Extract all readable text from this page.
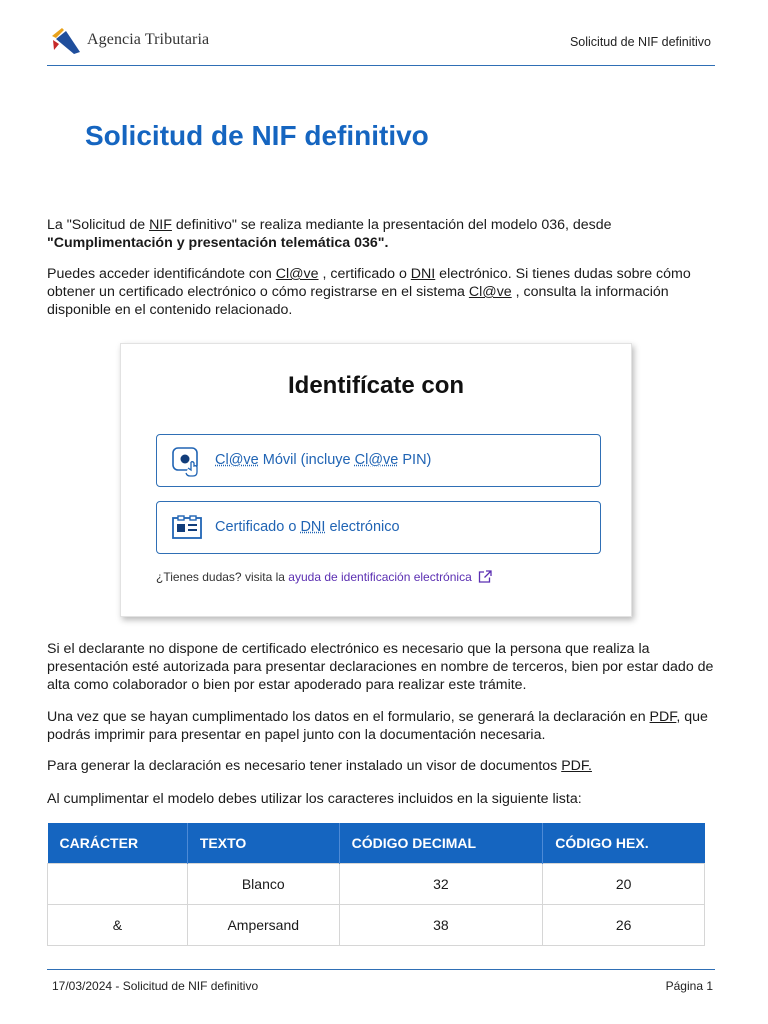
Agencia Tributaria	Solicitud de NIF definitivo
Solicitud de NIF definitivo

La "Solicitud de NIF definitivo" se realiza mediante la presentación del modelo 036, desde
"Cumplimentación y presentación telemática 036".

Puedes acceder identificándote con Cl@ve , certificado o DNI electrónico. Si tienes dudas sobre cómo obtener un certificado electrónico o cómo registrarse en el sistema Cl@ve , consulta la información disponible en el contenido relacionado.

Identifícate con
Cl@ve Móvil (incluye Cl@ve PIN)
Certificado o DNI electrónico
¿Tienes dudas? visita la ayuda de identificación electrónica

Si el declarante no dispone de certificado electrónico es necesario que la persona que realiza la presentación esté autorizada para presentar declaraciones en nombre de terceros, bien por estar dado de alta como colaborador o bien por estar apoderado para realizar este trámite.

Una vez que se hayan cumplimentado los datos en el formulario, se generará la declaración en PDF, que podrás imprimir para presentar en papel junto con la documentación necesaria.

Para generar la declaración es necesario tener instalado un visor de documentos PDF.

Al cumplimentar el modelo debes utilizar los caracteres incluidos en la siguiente lista:

CARÁCTER	TEXTO	CÓDIGO DECIMAL	CÓDIGO HEX.
	Blanco	32	20
&	Ampersand	38	26
17/03/2024 - Solicitud de NIF definitivo	Página 1
